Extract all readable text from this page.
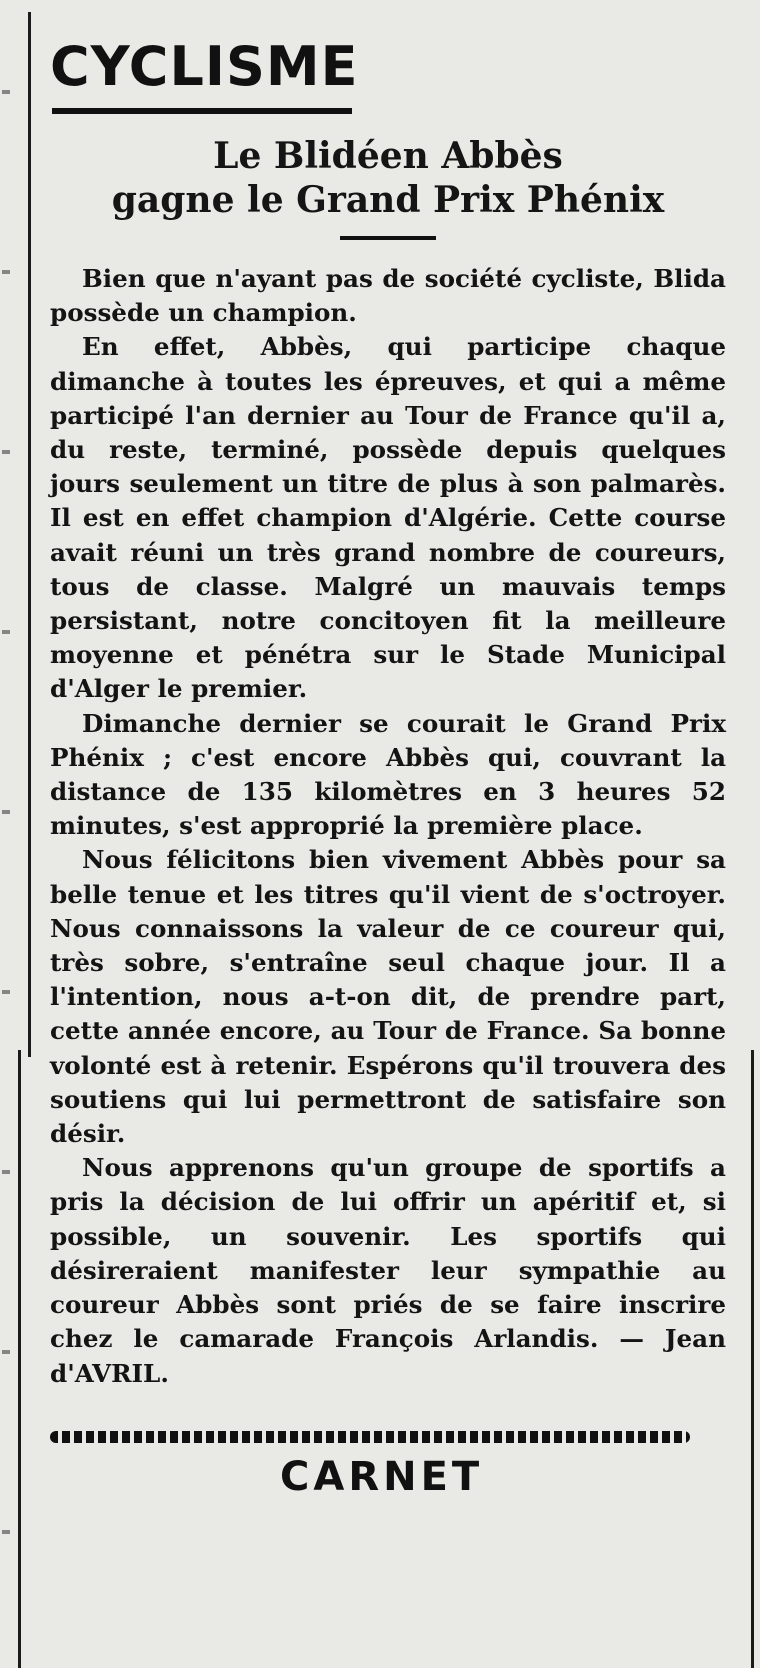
CYCLISME
Le Blidéen Abbès
gagne le Grand Prix Phénix

Bien que n'ayant pas de société cycliste, Blida possède un champion.

En effet, Abbès, qui participe chaque dimanche à toutes les épreuves, et qui a même participé l'an dernier au Tour de France qu'il a, du reste, terminé, possède depuis quelques jours seulement un titre de plus à son palmarès. Il est en effet champion d'Algérie. Cette course avait réuni un très grand nombre de coureurs, tous de classe. Malgré un mauvais temps persistant, notre concitoyen fit la meilleure moyenne et pénétra sur le Stade Municipal d'Alger le premier.

Dimanche dernier se courait le Grand Prix Phénix ; c'est encore Abbès qui, couvrant la distance de 135 kilomètres en 3 heures 52 minutes, s'est approprié la première place.

Nous félicitons bien vivement Abbès pour sa belle tenue et les titres qu'il vient de s'octroyer. Nous connaissons la valeur de ce coureur qui, très sobre, s'entraîne seul chaque jour. Il a l'intention, nous a-t-on dit, de prendre part, cette année encore, au Tour de France. Sa bonne volonté est à retenir. Espérons qu'il trouvera des soutiens qui lui permettront de satisfaire son désir.

Nous apprenons qu'un groupe de sportifs a pris la décision de lui offrir un apéritif et, si possible, un souvenir. Les sportifs qui désireraient manifester leur sympathie au coureur Abbès sont priés de se faire inscrire chez le camarade François Arlandis. — Jean d'AVRIL.

CARNET
